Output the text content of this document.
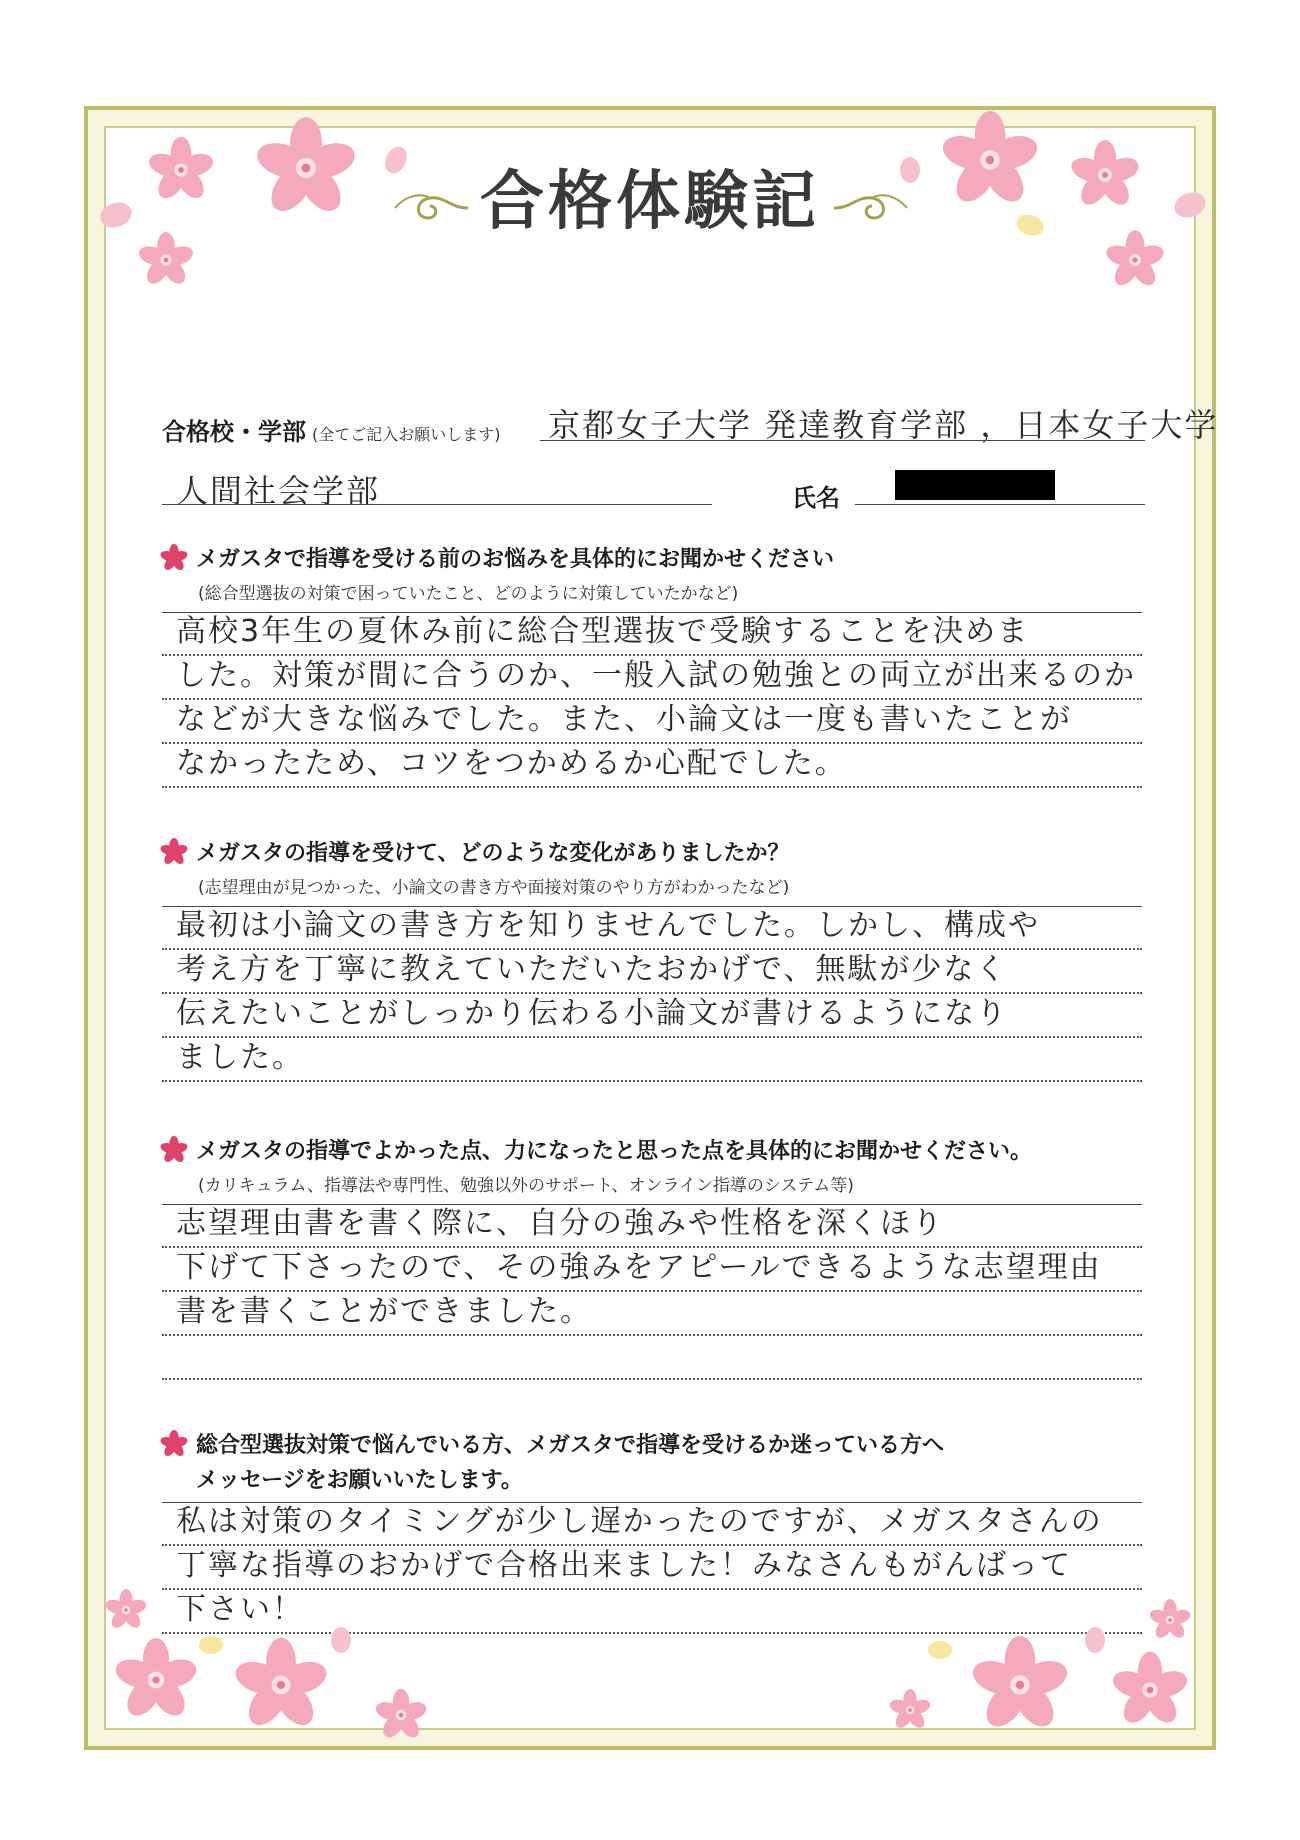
合格体験記
合格校・学部 (全てご記入お願いします) 京都女子大学 発達教育学部 ，日本女子大学
人間社会学部	氏名
メガスタで指導を受ける前のお悩みを具体的にお聞かせください
(総合型選抜の対策で困っていたこと、どのように対策していたかなど)
高校3年生の夏休み前に総合型選抜で受験することを決めま
した。対策が間に合うのか、一般入試の勉強との両立が出来るのか
などが大きな悩みでした。また、小論文は一度も書いたことが
なかったため、コツをつかめるか心配でした。
メガスタの指導を受けて、どのような変化がありましたか？
(志望理由が見つかった、小論文の書き方や面接対策のやり方がわかったなど)
最初は小論文の書き方を知りませんでした。しかし、構成や
考え方を丁寧に教えていただいたおかげで、無駄が少なく
伝えたいことがしっかり伝わる小論文が書けるようになり
ました。
メガスタの指導でよかった点、力になったと思った点を具体的にお聞かせください。
(カリキュラム、指導法や専門性、勉強以外のサポート、オンライン指導のシステム等)
志望理由書を書く際に、自分の強みや性格を深くほり
下げて下さったので、その強みをアピールできるような志望理由
書を書くことができました。
総合型選抜対策で悩んでいる方、メガスタで指導を受けるか迷っている方へ
メッセージをお願いいたします。
私は対策のタイミングが少し遅かったのですが、メガスタさんの
丁寧な指導のおかげで合格出来ました！みなさんもがんばって
下さい！
